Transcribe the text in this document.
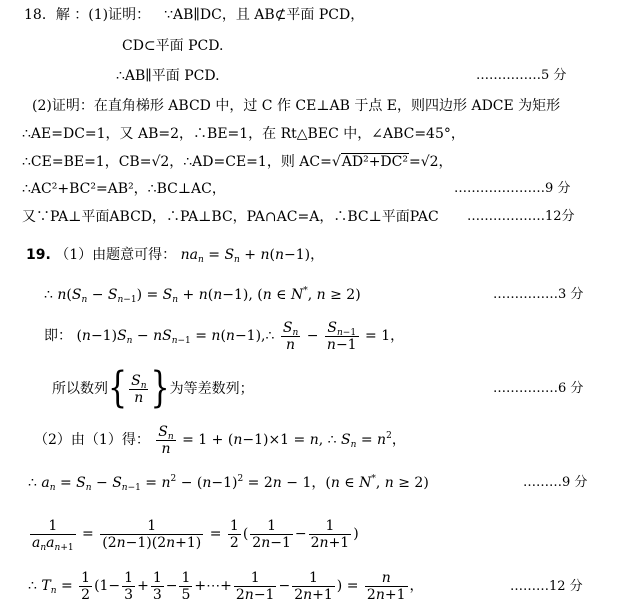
18．解 ：(1)证明： ∵AB∥DC，且 AB⊄平面 PCD，
CD⊂平面 PCD.
∴AB∥平面 PCD.	……………5 分
(2)证明：在直角梯形 ABCD 中，过 C 作 CE⊥AB 于点 E，则四边形 ADCE 为矩形
∴AE=DC=1，又 AB=2，∴BE=1，在 Rt△BEC 中，∠ABC=45°，
∴CE=BE=1，CB=√2，∴AD=CE=1，则 AC=√AD²+DC²=√2，
∴AC²+BC²=AB²，∴BC⊥AC，	…………………9 分
又∵PA⊥平面ABCD，∴PA⊥BC，PA∩AC=A，∴BC⊥平面PAC ………………12分
19. （1）由题意可得： $na_n = S_n + n(n-1)$，
∴ $n(S_n - S_{n-1}) = S_n + n(n-1)$, (n ∈ N*, n ≥ 2)	……………3 分
即： $(n-1)S_n - nS_{n-1}$ = n(n−1),∴ $\frac{S_n}{n} - \frac{S_{n-1}}{n-1} = 1$，
所以数列{ $\frac{S_n}{n}$ }为等差数列；	……………6 分
（2）由（1）得： $\frac{S_n}{n} = 1 + (n-1)\times 1 = n$, ∴ $S_n = n^2$，
∴ $a_n = S_n - S_{n-1} = n^2 - (n-1)^2 = 2n - 1$，(n ∈ N*, n ≥ 2)	………9 分
$\frac{1}{a_na_{n+1}} = \frac{1}{(2n-1)(2n+1)} = \frac{1}{2}$ ( $\frac{1}{2n-1} - \frac{1}{2n+1}$ )
∴ $T_n = \frac{1}{2} (1- \frac{1}{3} + \frac{1}{3} - \frac{1}{5}$ +⋯+ $\frac{1}{2n-1} - \frac{1}{2n+1}$ ) = $\frac{n}{2n+1}$ ，	………12 分
